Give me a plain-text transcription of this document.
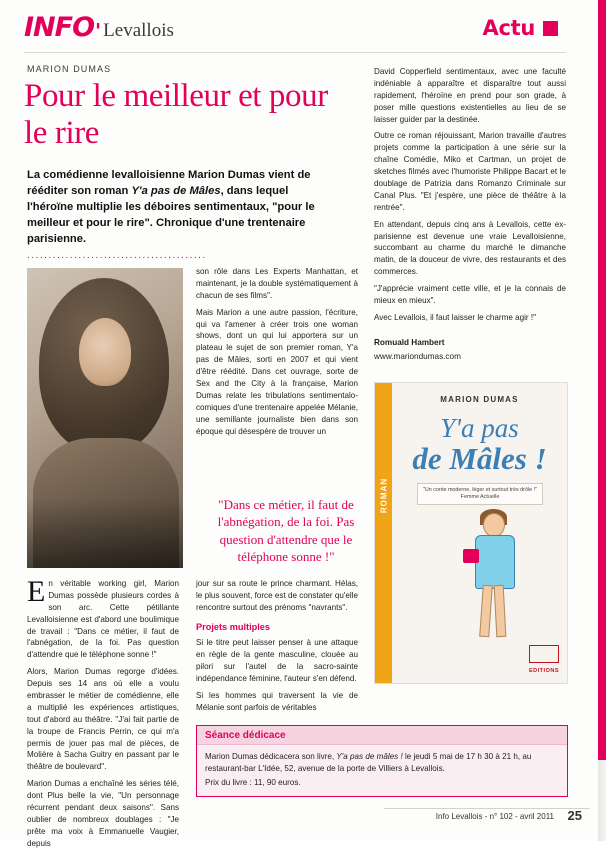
INFO ' Levallois	Actu
MARION DUMAS
Pour le meilleur et pour le rire
La comédienne levalloisienne Marion Dumas vient de rééditer son roman Y'a pas de Mâles, dans lequel l'héroïne multiplie les déboires sentimentaux, "pour le meilleur et pour le rire". Chronique d'une trentenaire parisienne.
..........................................

son rôle dans Les Experts Manhattan, et maintenant, je la double systématiquement à chacun de ses films".

Mais Marion a une autre passion, l'écriture, qui va l'amener à créer trois one woman shows, dont un qui lui apportera sur un plateau le sujet de son premier roman, Y'a pas de Mâles, sorti en 2007 et qui vient d'être réédité. Dans cet ouvrage, sorte de Sex and the City à la française, Marion Dumas relate les tribulations sentimentalo-comiques d'une trentenaire appelée Mélanie, une semillante journaliste bien dans son époque qui désespère de trouver un

"Dans ce métier, il faut de l'abnégation, de la foi. Pas question d'attendre que le téléphone sonne !"

En véritable working girl, Marion Dumas possède plusieurs cordes à son arc. Cette pétillante Levalloisienne est d'abord une boulimique de travail : "Dans ce métier, il faut de l'abnégation, de la foi. Pas question d'attendre que le téléphone sonne !"

Alors, Marion Dumas regorge d'idées. Depuis ses 14 ans où elle a voulu embrasser le métier de comédienne, elle a multiplié les expériences artistiques, tout d'abord au théâtre. "J'ai fait partie de la troupe de Francis Perrin, ce qui m'a permis de jouer pas mal de pièces, de Molière à Sacha Guitry en passant par le théâtre de boulevard".

Marion Dumas a enchaîné les séries télé, dont Plus belle la vie, "Un personnage récurrent pendant deux saisons". Sans oublier de nombreux doublages : "Je prête ma voix à Emmanuelle Vaugier, depuis

jour sur sa route le prince charmant. Hélas, le plus souvent, force est de constater qu'elle rencontre surtout des prénoms "navrants".

Projets multiples

Si le titre peut laisser penser à une attaque en règle de la gente masculine, clouée au pilori sur l'autel de la sacro-sainte indépendance féminine, l'auteur s'en défend.

Si les hommes qui traversent la vie de Mélanie sont parfois de véritables

David Copperfield sentimentaux, avec une faculté indéniable à apparaître et disparaître tout aussi rapidement, l'héroïne en prend pour son grade, à poser mille questions existentielles au lieu de se laisser guider par la destinée.

Outre ce roman réjouissant, Marion travaille d'autres projets comme la participation à une série sur la chaîne Comédie, Miko et Cartman, un projet de sketches filmés avec l'humoriste Philippe Bacart et le doublage de Patrizia dans Romanzo Criminale sur Canal Plus. "Et j'espère, une pièce de théâtre à la rentrée".

En attendant, depuis cinq ans à Levallois, cette ex-parisienne est devenue une vraie Levalloisienne, succombant au charme du marché le dimanche matin, de la douceur de vivre, des restaurants et des commerces.

"J'apprécie vraiment cette ville, et je la connais de mieux en mieux".

Avec Levallois, il faut laisser le charme agir !"

Romuald Hambert
www.mariondumas.com
ROMAN
MARION DUMAS
Y'a pas
de Mâles !
"Un conte moderne, léger et surtout très drôle !" Femme Actuelle
EDITIONS
Séance dédicace
Marion Dumas dédicacera son livre, Y'a pas de mâles ! le jeudi 5 mai de 17 h 30 à 21 h, au restaurant-bar L'Idée, 52, avenue de la porte de Villiers à Levallois.
Prix du livre : 11, 90 euros.
Info Levallois - n° 102 - avril 2011 25
